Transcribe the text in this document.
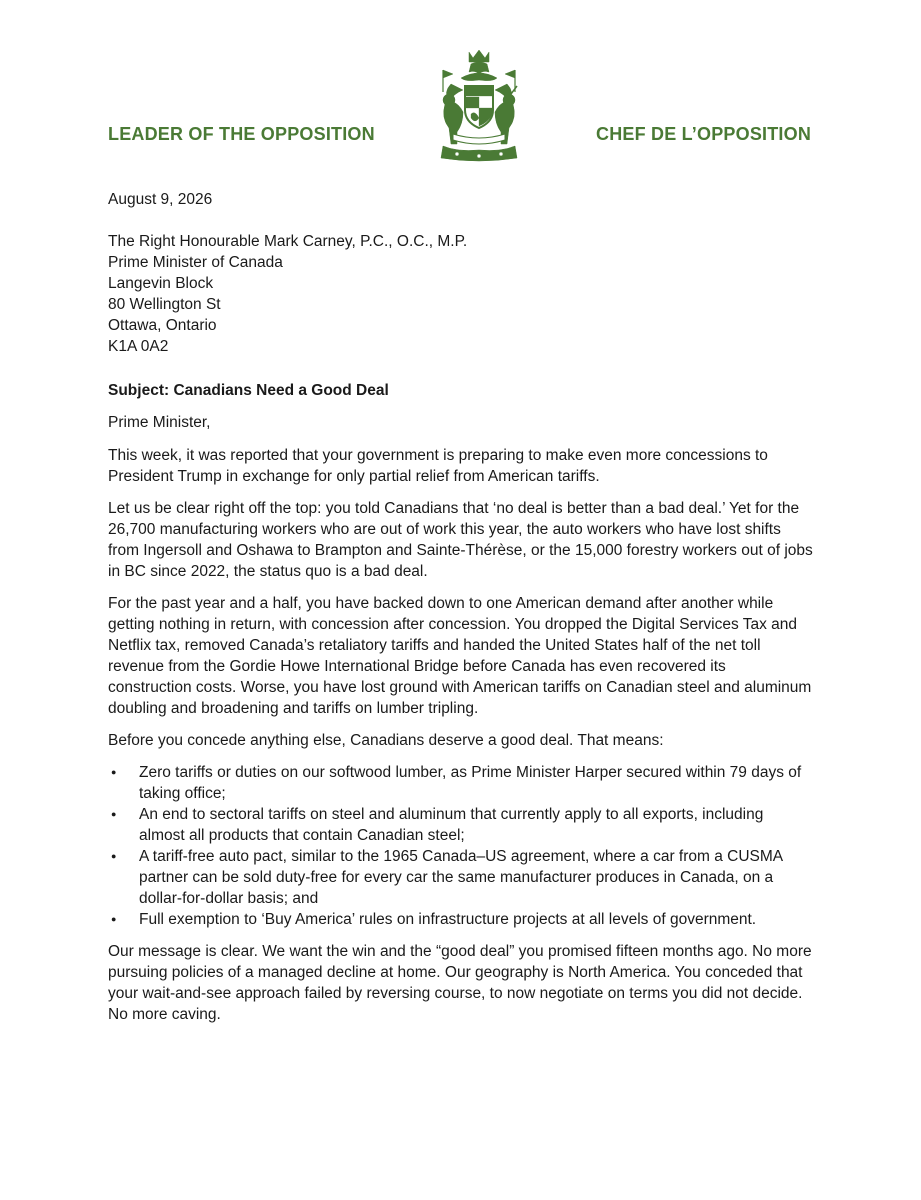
LEADER OF THE OPPOSITION	CHEF DE L’OPPOSITION
August 9, 2026
The Right Honourable Mark Carney, P.C., O.C., M.P.
Prime Minister of Canada
Langevin Block
80 Wellington St
Ottawa, Ontario
K1A 0A2
Subject: Canadians Need a Good Deal
Prime Minister,

This week, it was reported that your government is preparing to make even more concessions to President Trump in exchange for only partial relief from American tariffs.

Let us be clear right off the top: you told Canadians that ‘no deal is better than a bad deal.’ Yet for the 26,700 manufacturing workers who are out of work this year, the auto workers who have lost shifts from Ingersoll and Oshawa to Brampton and Sainte-Thérèse, or the 15,000 forestry workers out of jobs in BC since 2022, the status quo is a bad deal.

For the past year and a half, you have backed down to one American demand after another while getting nothing in return, with concession after concession. You dropped the Digital Services Tax and Netflix tax, removed Canada’s retaliatory tariffs and handed the United States half of the net toll revenue from the Gordie Howe International Bridge before Canada has even recovered its construction costs. Worse, you have lost ground with American tariffs on Canadian steel and aluminum doubling and broadening and tariffs on lumber tripling.

Before you concede anything else, Canadians deserve a good deal. That means:

● Zero tariffs or duties on our softwood lumber, as Prime Minister Harper secured within 79 days of taking office;
● An end to sectoral tariffs on steel and aluminum that currently apply to all exports, including almost all products that contain Canadian steel;
● A tariff-free auto pact, similar to the 1965 Canada–US agreement, where a car from a CUSMA partner can be sold duty-free for every car the same manufacturer produces in Canada, on a dollar-for-dollar basis; and
● Full exemption to ‘Buy America’ rules on infrastructure projects at all levels of government.

Our message is clear. We want the win and the “good deal” you promised fifteen months ago. No more pursuing policies of a managed decline at home. Our geography is North America. You conceded that your wait-and-see approach failed by reversing course, to now negotiate on terms you did not decide. No more caving.
